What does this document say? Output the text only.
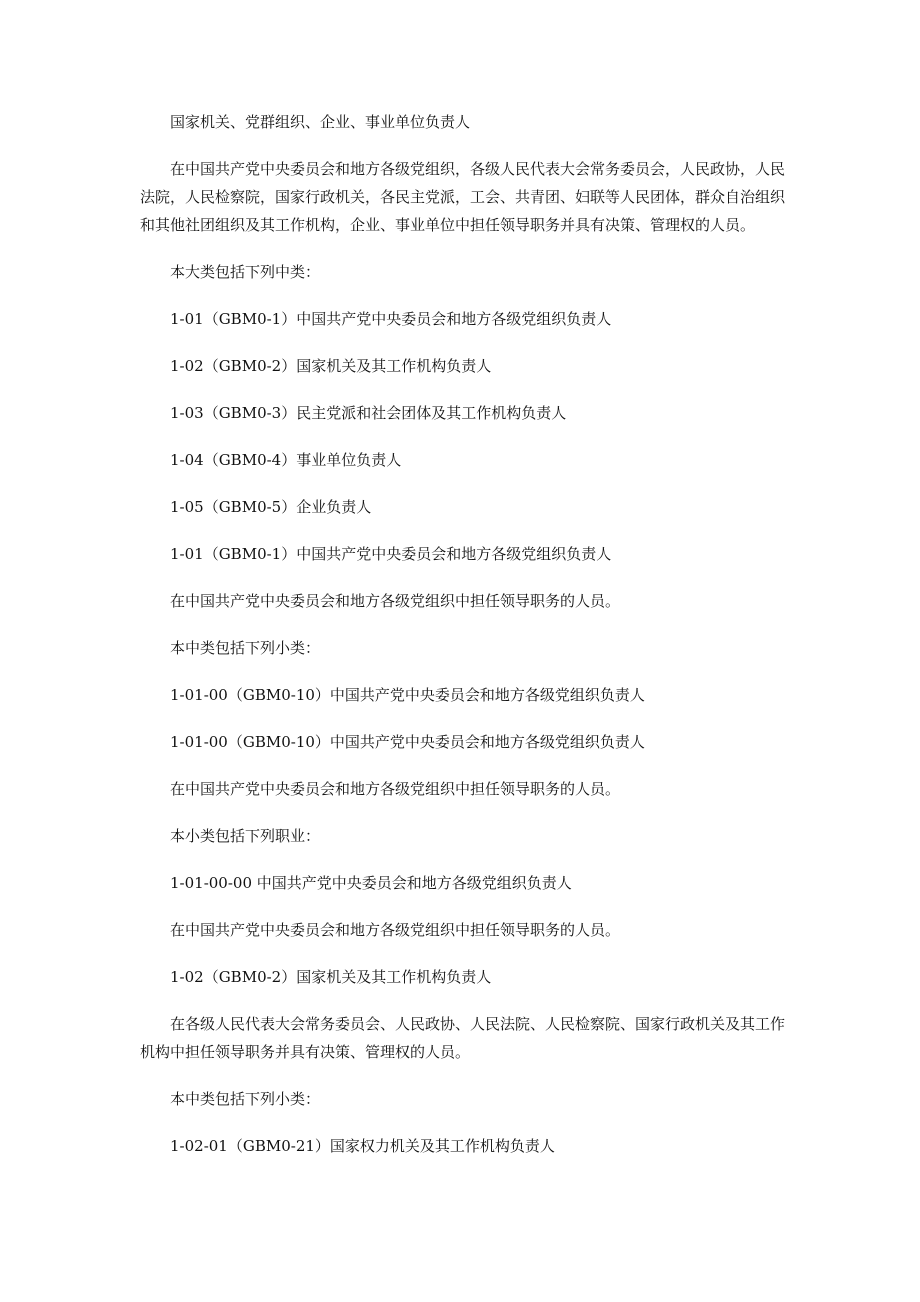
国家机关、党群组织、企业、事业单位负责人

在中国共产党中央委员会和地方各级党组织，各级人民代表大会常务委员会，人民政协，人民法院，人民检察院，国家行政机关，各民主党派，工会、共青团、妇联等人民团体，群众自治组织和其他社团组织及其工作机构，企业、事业单位中担任领导职务并具有决策、管理权的人员。

本大类包括下列中类：

1-01（GBM0-1）中国共产党中央委员会和地方各级党组织负责人

1-02（GBM0-2）国家机关及其工作机构负责人

1-03（GBM0-3）民主党派和社会团体及其工作机构负责人

1-04（GBM0-4）事业单位负责人

1-05（GBM0-5）企业负责人

1-01（GBM0-1）中国共产党中央委员会和地方各级党组织负责人

在中国共产党中央委员会和地方各级党组织中担任领导职务的人员。

本中类包括下列小类：

1-01-00（GBM0-10）中国共产党中央委员会和地方各级党组织负责人

1-01-00（GBM0-10）中国共产党中央委员会和地方各级党组织负责人

在中国共产党中央委员会和地方各级党组织中担任领导职务的人员。

本小类包括下列职业：

1-01-00-00 中国共产党中央委员会和地方各级党组织负责人

在中国共产党中央委员会和地方各级党组织中担任领导职务的人员。

1-02（GBM0-2）国家机关及其工作机构负责人

在各级人民代表大会常务委员会、人民政协、人民法院、人民检察院、国家行政机关及其工作机构中担任领导职务并具有决策、管理权的人员。

本中类包括下列小类：

1-02-01（GBM0-21）国家权力机关及其工作机构负责人
